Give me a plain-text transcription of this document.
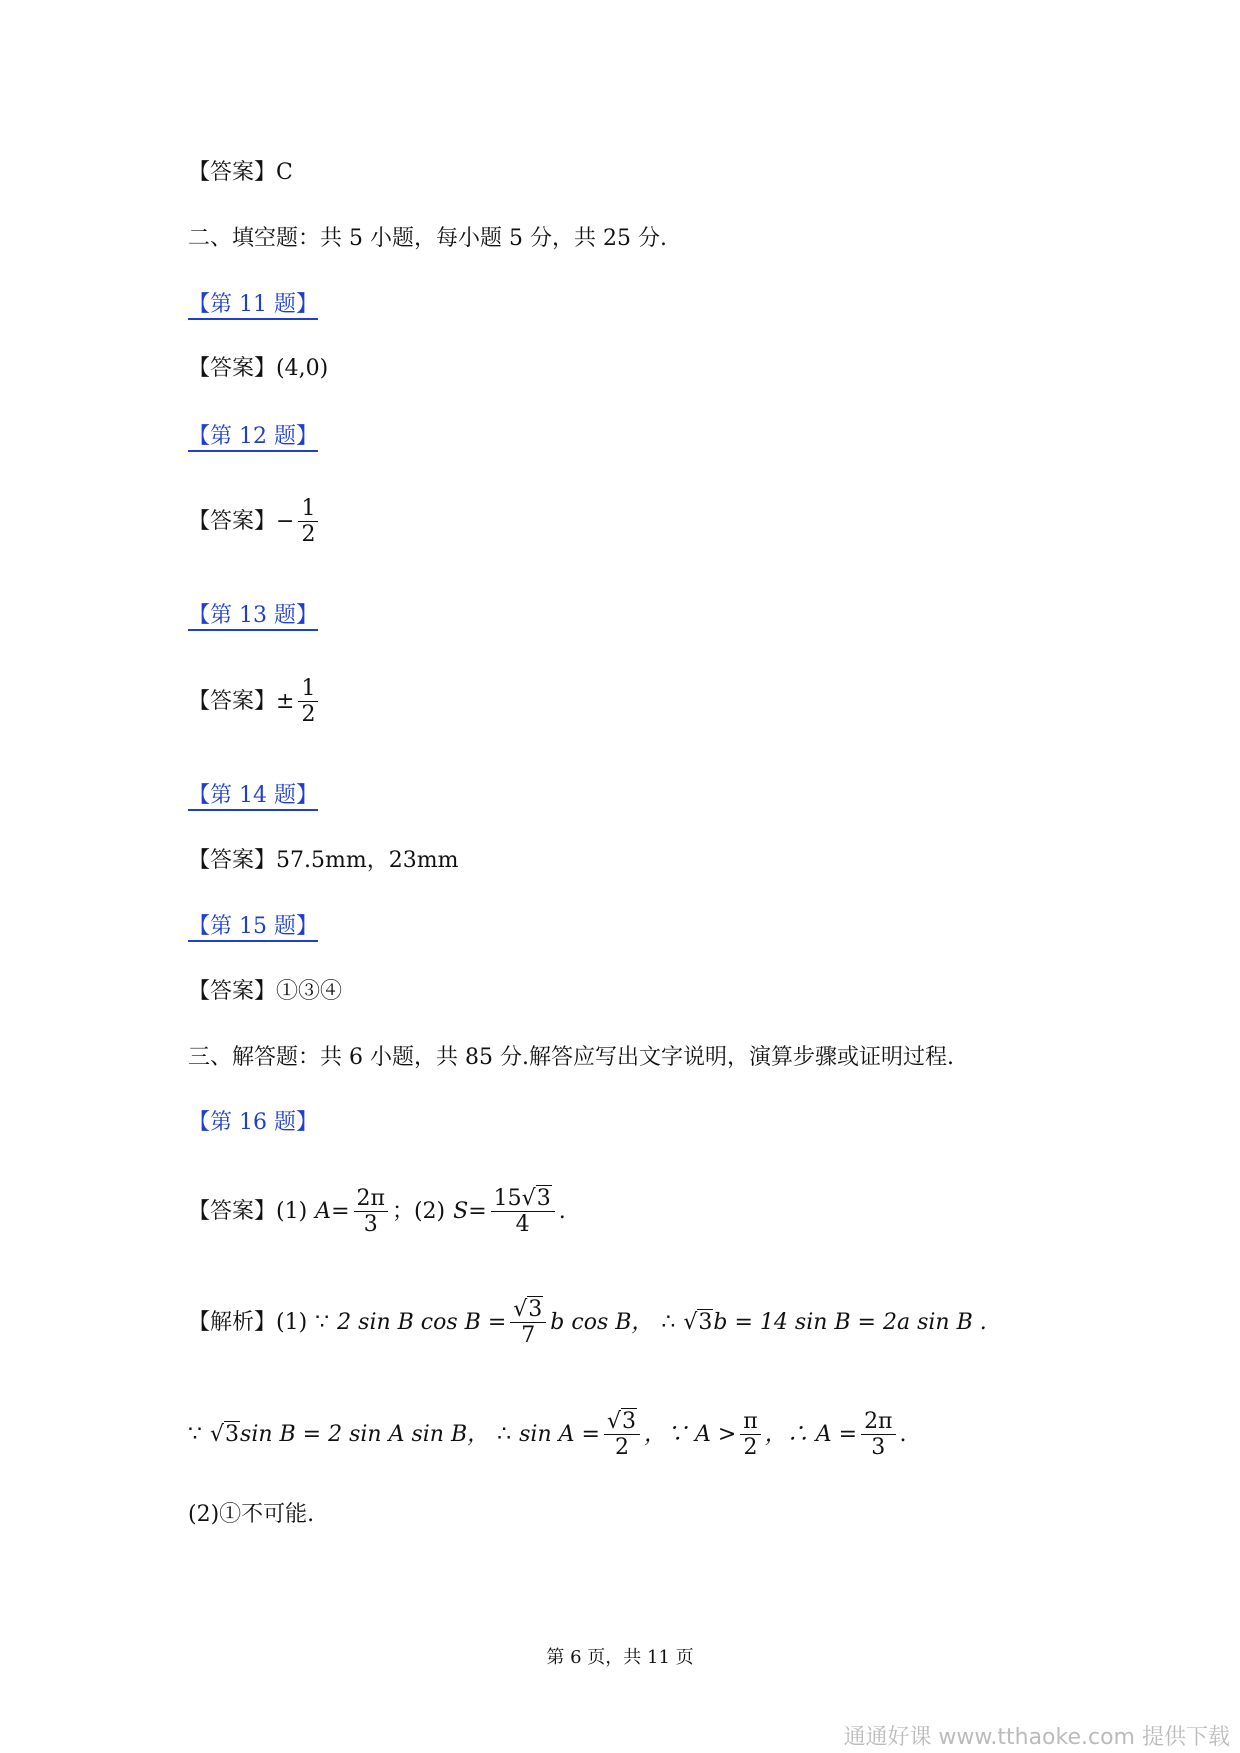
【答案】C
二、填空题：共 5 小题，每小题 5 分，共 25 分.
【第 11 题】
【答案】(4,0)
【第 12 题】
【答案】 − $\frac{1}{2}$
【第 13 题】
【答案】 ± $\frac{1}{2}$
【第 14 题】
【答案】57.5mm，23mm
【第 15 题】
【答案】①③④
三、解答题：共 6 小题，共 85 分.解答应写出文字说明，演算步骤或证明过程.
【第 16 题】
【答案】(1) $A = \frac{2\pi}{3}$ ；(2) $S = \frac{15√3}{4}$ .
【解析】(1) ∵ 2 sin B $\cos B = \frac{√3}{7}$ b cos B， ∴ √3 b = 14 sin B = 2a sin B .
∵ √3 sin B = 2 sin A sin B， ∴ $\sin A = \frac{√3}{2}$ ，∵ $A > \frac{\pi}{2}$ ，∴ $A = \frac{2\pi}{3}$ .
(2)①不可能.
第 6 页，共 11 页
通通好课 www.tthaoke.com 提供下载
